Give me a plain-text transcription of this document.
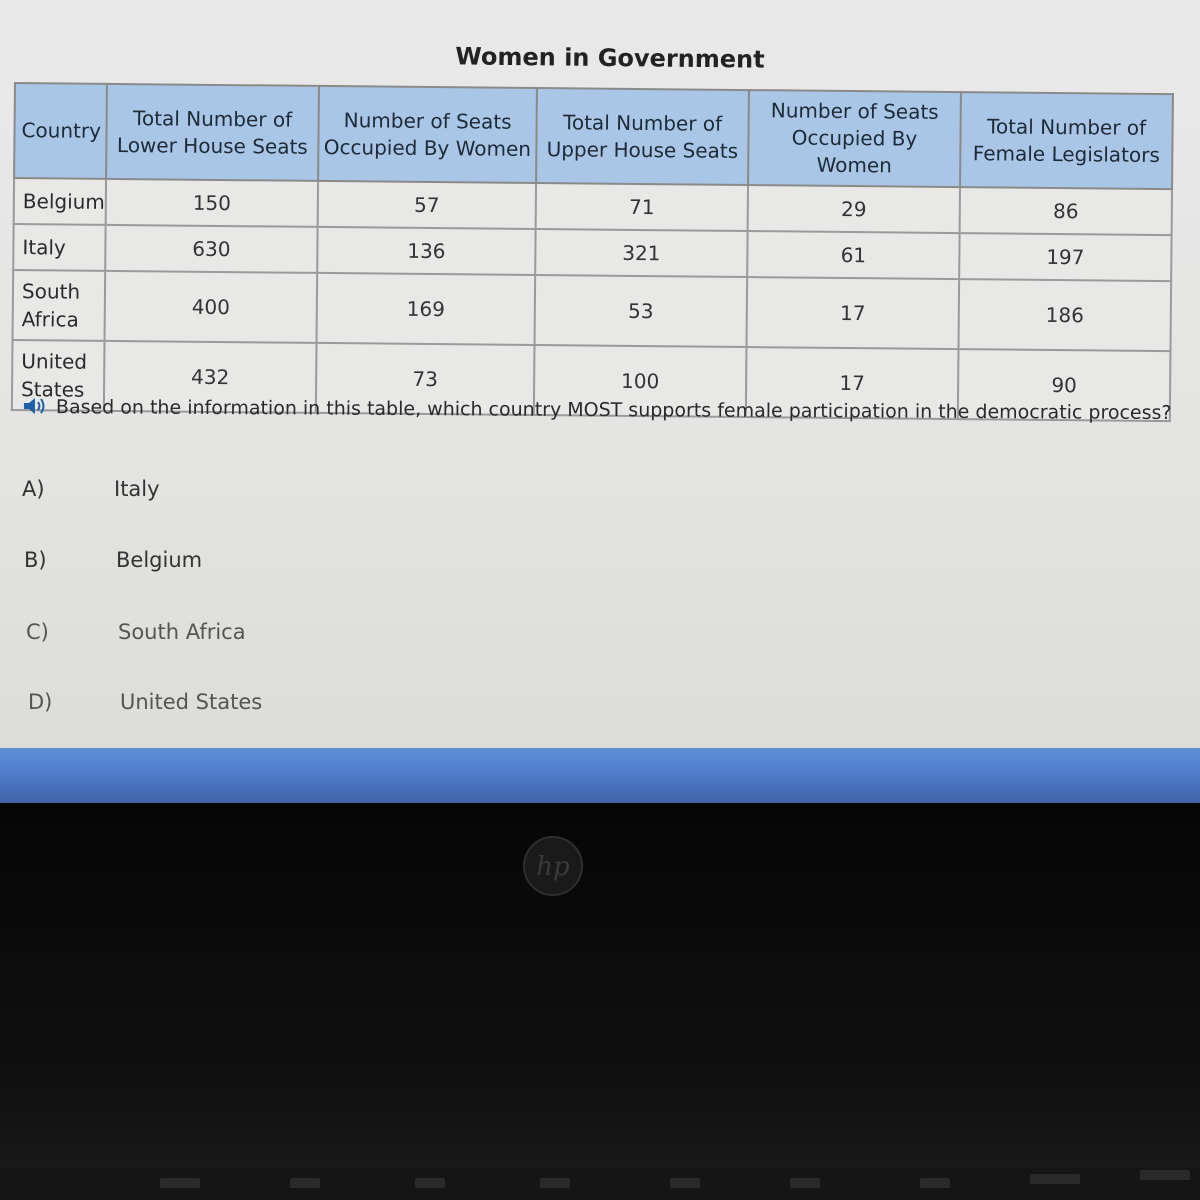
Women in Government
Country	Total Number of Lower House Seats	Number of Seats Occupied By Women	Total Number of Upper House Seats	Number of Seats Occupied By Women	Total Number of Female Legislators
Belgium	150	57	71	29	86
Italy	630	136	321	61	197
South Africa	400	169	53	17	186
United States	432	73	100	17	90
Based on the information in this table, which country MOST supports female participation in the democratic process?
A)	Italy
B)	Belgium
C)	South Africa
D)	United States
hp
